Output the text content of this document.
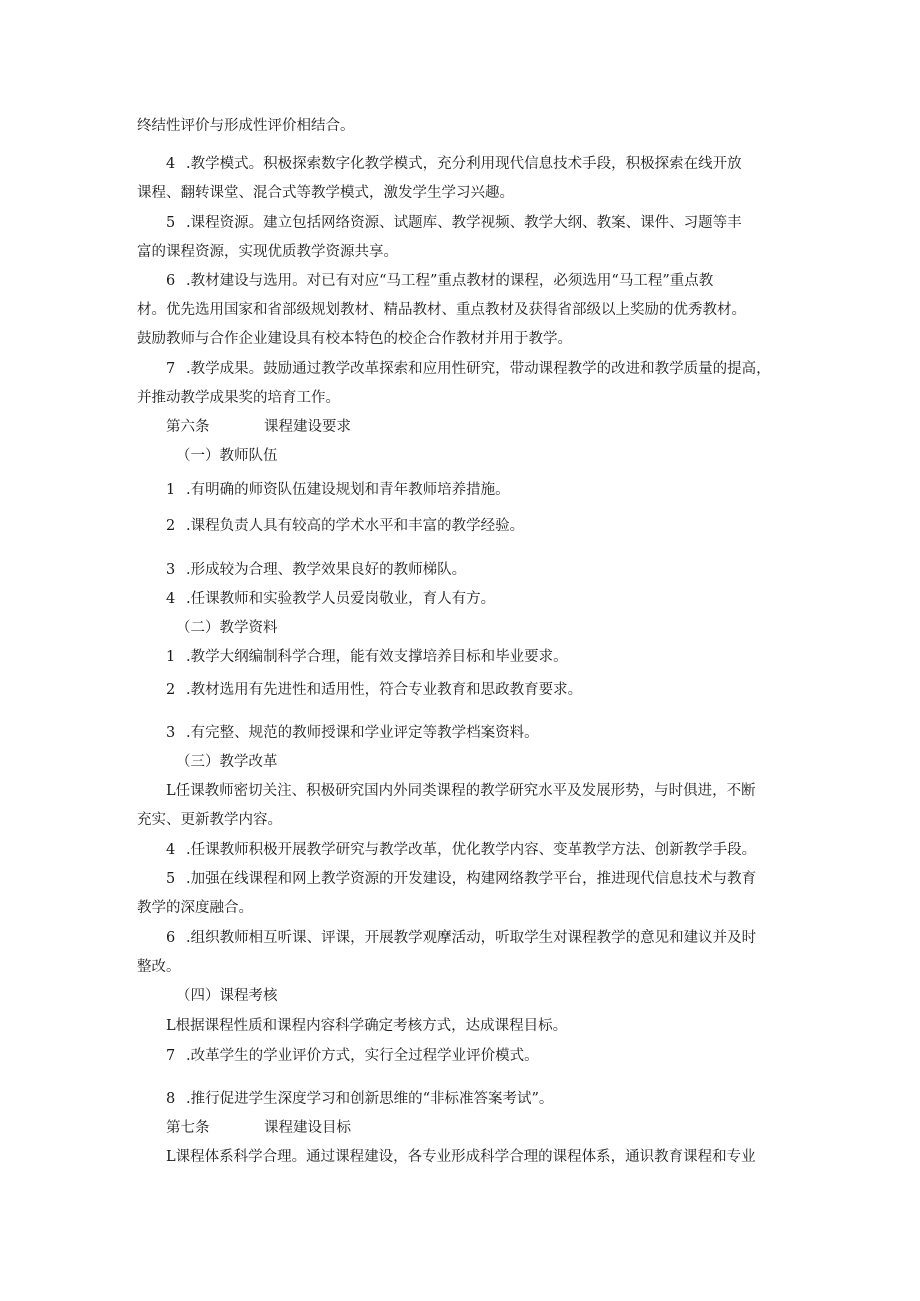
终结性评价与形成性评价相结合。
4 .教学模式。积极探索数字化教学模式，充分利用现代信息技术手段，积极探索在线开放
课程、翻转课堂、混合式等教学模式，激发学生学习兴趣。
5 .课程资源。建立包括网络资源、试题库、教学视频、教学大纲、教案、课件、习题等丰
富的课程资源，实现优质教学资源共享。
6 .教材建设与选用。对已有对应“马工程”重点教材的课程，必须选用“马工程”重点教
材。优先选用国家和省部级规划教材、精品教材、重点教材及获得省部级以上奖励的优秀教材。
鼓励教师与合作企业建设具有校本特色的校企合作教材并用于教学。
7 .教学成果。鼓励通过教学改革探索和应用性研究，带动课程教学的改进和教学质量的提高，
并推动教学成果奖的培育工作。
第六条	课程建设要求
（一）教师队伍
1 .有明确的师资队伍建设规划和青年教师培养措施。
2 .课程负责人具有较高的学术水平和丰富的教学经验。
3 .形成较为合理、教学效果良好的教师梯队。
4 .任课教师和实验教学人员爱岗敬业，育人有方。
（二）教学资料
1 .教学大纲编制科学合理，能有效支撑培养目标和毕业要求。
2 .教材选用有先进性和适用性，符合专业教育和思政教育要求。
3 .有完整、规范的教师授课和学业评定等教学档案资料。
（三）教学改革
L任课教师密切关注、积极研究国内外同类课程的教学研究水平及发展形势，与时俱进，不断
充实、更新教学内容。
4 .任课教师积极开展教学研究与教学改革，优化教学内容、变革教学方法、创新教学手段。
5 .加强在线课程和网上教学资源的开发建设，构建网络教学平台，推进现代信息技术与教育
教学的深度融合。
6 .组织教师相互听课、评课，开展教学观摩活动，听取学生对课程教学的意见和建议并及时
整改。
（四）课程考核
L根据课程性质和课程内容科学确定考核方式，达成课程目标。
7 .改革学生的学业评价方式，实行全过程学业评价模式。
8 .推行促进学生深度学习和创新思维的“非标准答案考试”。
第七条	课程建设目标
L课程体系科学合理。通过课程建设，各专业形成科学合理的课程体系，通识教育课程和专业
